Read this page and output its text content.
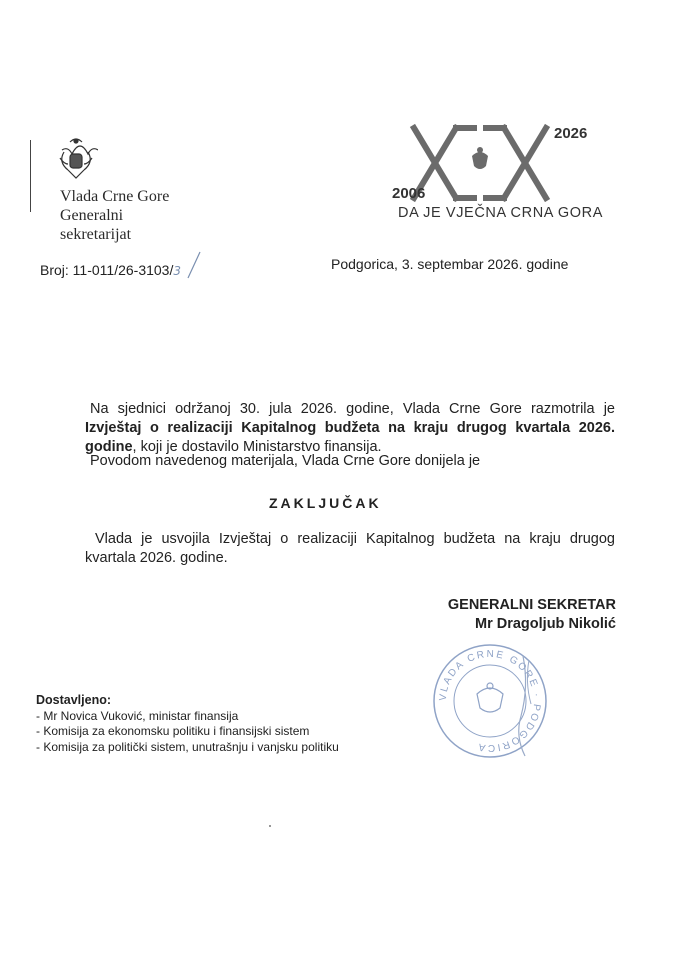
Vlada Crne Gore
Generalni
sekretarijat
2006
2026
DA JE VJEČNA CRNA GORA
Broj: 11-011/26-3103/3	Podgorica, 3. septembar 2026. godine
Na sjednici održanoj 30. jula 2026. godine, Vlada Crne Gore razmotrila je Izvještaj o realizaciji Kapitalnog budžeta na kraju drugog kvartala 2026. godine, koji je dostavilo Ministarstvo finansija.
Povodom navedenog materijala, Vlada Crne Gore donijela je
ZAKLJUČAK
Vlada je usvojila Izvještaj o realizaciji Kapitalnog budžeta na kraju drugog kvartala 2026. godine.
GENERALNI SEKRETAR
Mr Dragoljub Nikolić
VLADA CRNE GORE · PODGORICA
Dostavljeno:
- Mr Novica Vuković, ministar finansija
- Komisija za ekonomsku politiku i finansijski sistem
- Komisija za politički sistem, unutrašnju i vanjsku politiku
